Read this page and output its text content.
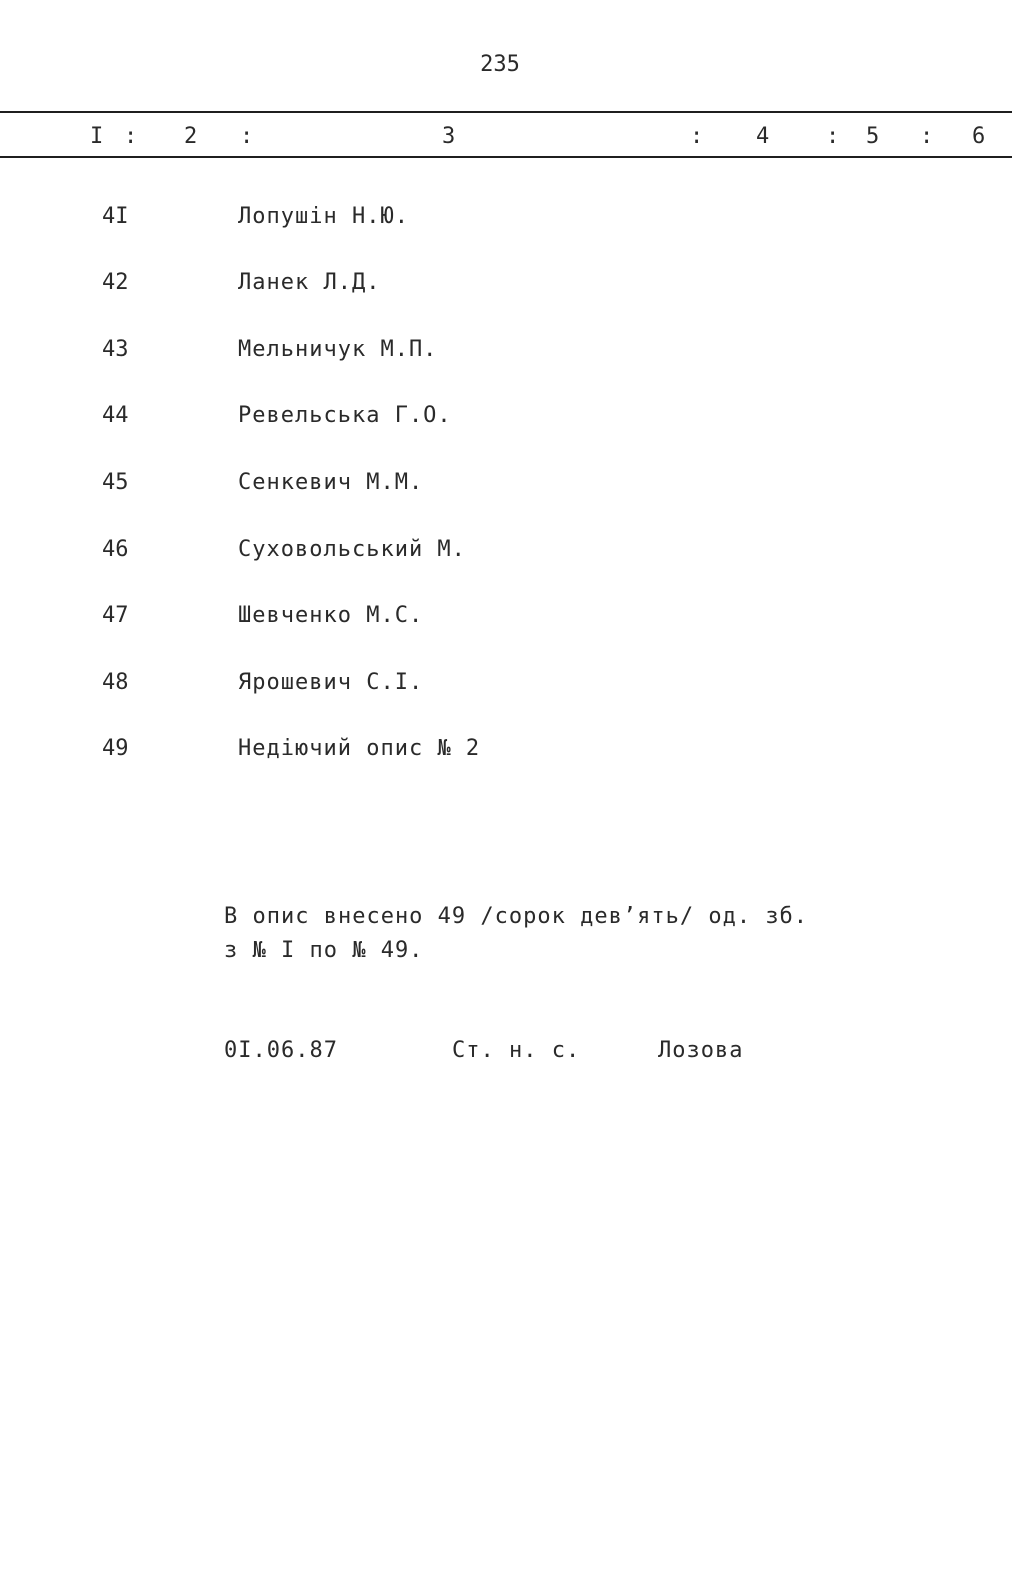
235
I : 2 :	3	: 4	: 5 : 6
4I	Лопушін Н.Ю.
42	Ланек Л.Д.
43	Мельничук М.П.
44	Ревельська Г.О.
45	Сенкевич М.М.
46	Суховольський М.
47	Шевченко М.С.
48	Ярошевич С.І.
49	Недіючий опис № 2
В опис внесено 49 /сорок дев’ять/ од. зб.
з № I по № 49.
0I.06.87	Ст. н. с.	Лозова
